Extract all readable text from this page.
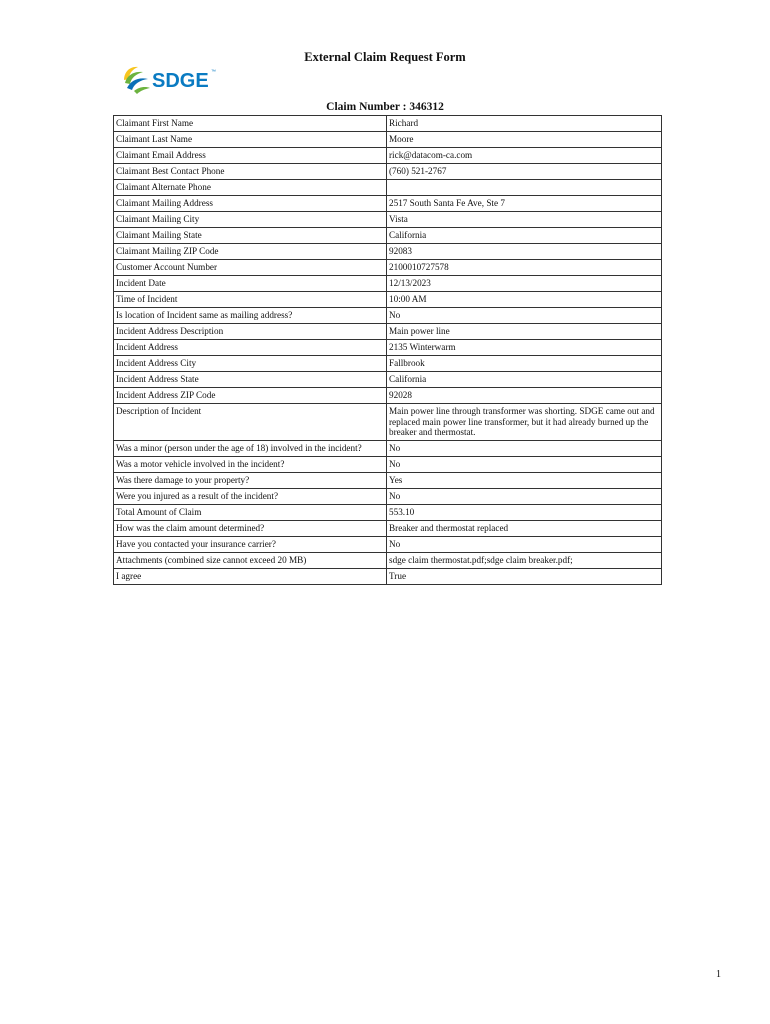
External Claim Request Form
SDGE ™
Claim Number : 346312
Claimant First Name	Richard
Claimant Last Name	Moore
Claimant Email Address	rick@datacom-ca.com
Claimant Best Contact Phone	(760) 521-2767
Claimant Alternate Phone	
Claimant Mailing Address	2517 South Santa Fe Ave, Ste 7
Claimant Mailing City	Vista
Claimant Mailing State	California
Claimant Mailing ZIP Code	92083
Customer Account Number	2100010727578
Incident Date	12/13/2023
Time of Incident	10:00 AM
Is location of Incident same as mailing address?	No
Incident Address Description	Main power line
Incident Address	2135 Winterwarm
Incident Address City	Fallbrook
Incident Address State	California
Incident Address ZIP Code	92028
Description of Incident	Main power line through transformer was shorting. SDGE came out and replaced main power line transformer, but it had already burned up the breaker and thermostat.
Was a minor (person under the age of 18) involved in the incident?	No
Was a motor vehicle involved in the incident?	No
Was there damage to your property?	Yes
Were you injured as a result of the incident?	No
Total Amount of Claim	553.10
How was the claim amount determined?	Breaker and thermostat replaced
Have you contacted your insurance carrier?	No
Attachments (combined size cannot exceed 20 MB)	sdge claim thermostat.pdf;sdge claim breaker.pdf;
I agree	True
1
